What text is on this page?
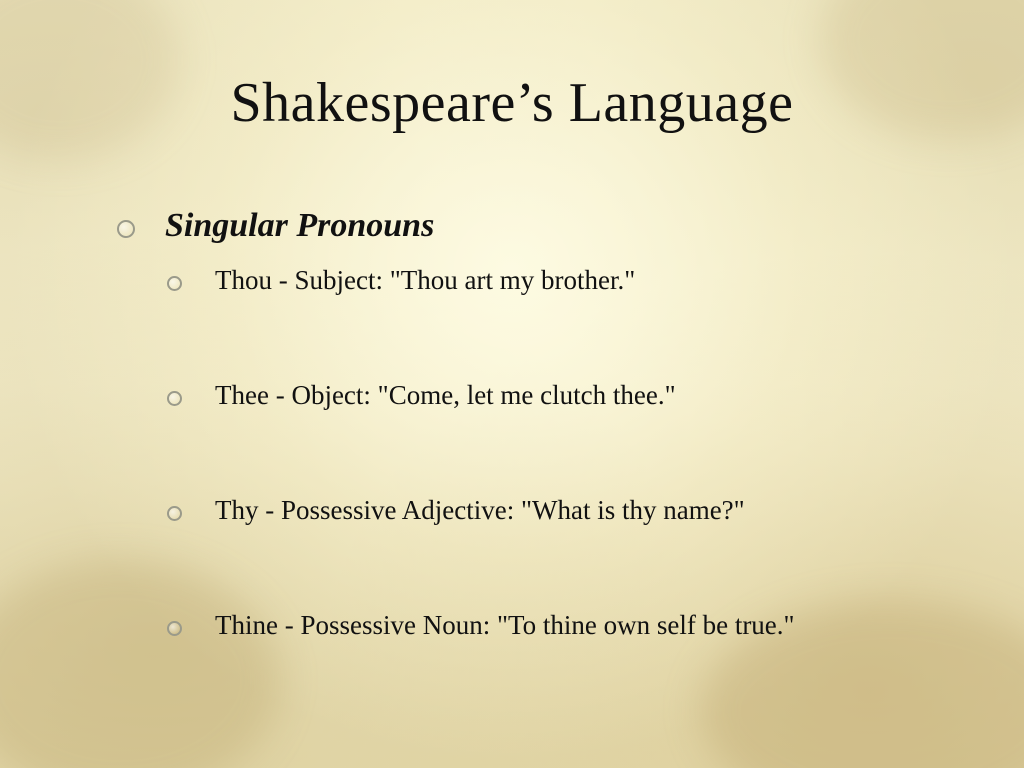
Shakespeare’s Language
Singular Pronouns
Thou - Subject: "Thou art my brother."
Thee - Object: "Come, let me clutch thee."
Thy - Possessive Adjective: "What is thy name?"
Thine - Possessive Noun: "To thine own self be true."
